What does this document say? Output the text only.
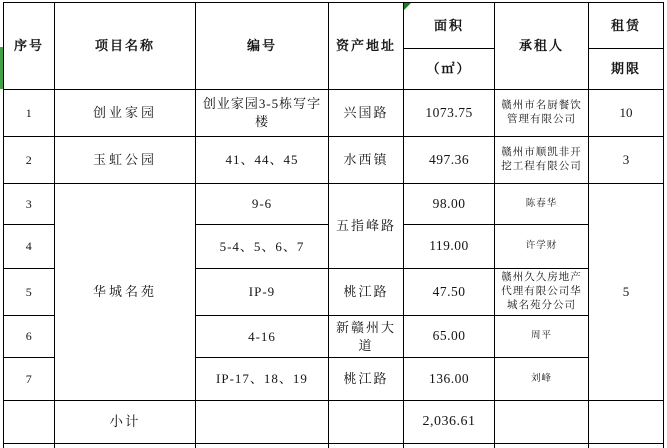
序号	项目名称	编号	资产地址	面积	承租人	租赁
				（㎡）		期限
1	创业家园	创业家园3-5栋写字楼	兴国路	1073.75	赣州市名厨餐饮管理有限公司	10
2	玉虹公园	41、44、45	水西镇	497.36	赣州市顺凯非开挖工程有限公司	3
3	华城名苑	9-6	五指峰路	98.00	陈春华	5
4		5-4、5、6、7		119.00	许学财	
5		IP-9	桃江路	47.50	赣州久久房地产代理有限公司华城名苑分公司	
6		4-16	新赣州大道	65.00	周平	
7		IP-17、18、19	桃江路	136.00	刘峰	
	小计			2,036.61		
